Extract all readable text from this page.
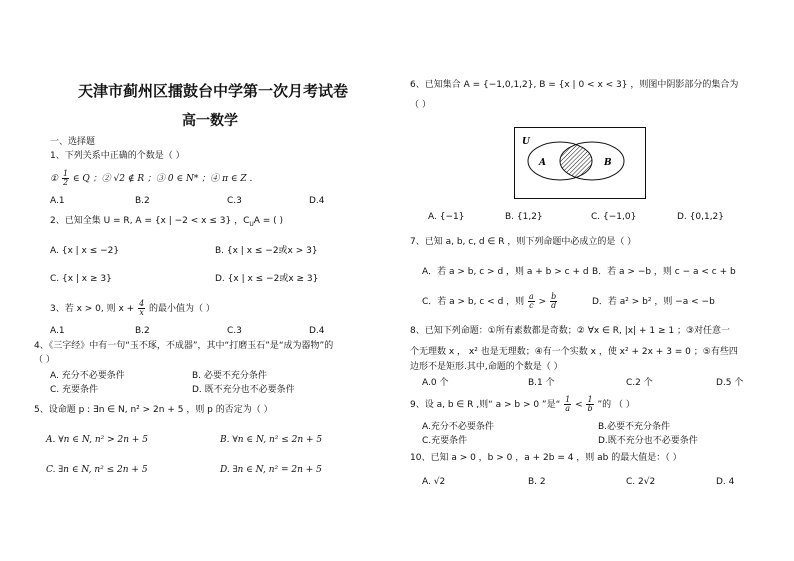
天津市蓟州区擂鼓台中学第一次月考试卷
高一数学
一、选择题
1、下列关系中正确的个数是（ ）
① $\frac{1}{2}$ ∈ Q ；② √2 ∉ R ；③ 0 ∈ N* ；④ π ∈ Z .
A.1	B.2	C.3	D.4
2、已知全集 U = R, A = {x | −2 < x ≤ 3} ，$C_UA$ = ( )
A. {x | x ≤ −2}	B. {x | x ≤ −2或x > 3}
C. {x | x ≥ 3}	D. {x | x ≤ −2或x ≥ 3}
3、若 x > 0, 则 $x + \frac{4}{x}$ 的最小值为（ ）
A.1	B.2	C.3	D.4
4、《三字经》中有一句“玉不琢，不成器”，其中“打磨玉石”是“成为器物”的
（ ）
A. 充分不必要条件	B. 必要不充分条件
C. 充要条件	D. 既不充分也不必要条件
5、设命题 p : ∃n ∈ N, n² > 2n + 5 ，则 p 的否定为（ ）
A. ∀n ∈ N, n² > 2n + 5	B. ∀n ∈ N, n² ≤ 2n + 5
C. ∃n ∈ N, n² ≤ 2n + 5	D. ∃n ∈ N, n² = 2n + 5
6、已知集合 A = {−1,0,1,2}, B = {x | 0 < x < 3} ，则图中阴影部分的集合为
（ ）
U
A	B
A. {−1}	B. {1,2}	C. {−1,0}	D. {0,1,2}
7、已知 a, b, c, d ∈ R ，则下列命题中必成立的是（ ）
A．若 a > b, c > d ，则 a + b > c + d B．若 a > −b ，则 c − a < c + b
C．若 a > b, c < d ，则 $\frac{a}{c} > \frac{b}{d}$	D．若 a² > b² ，则 −a < −b
8、已知下列命题：①所有素数都是奇数；② ∀x ∈ R, |x| + 1 ≥ 1 ；③对任意一
个无理数 x ， x² 也是无理数；④有一个实数 x ，使 x² + 2x + 3 = 0 ；⑤有些四
边形不是矩形.其中,命题的个数是（ ）
A.0 个	B.1 个	C.2 个	D.5 个
9、设 a, b ∈ R ,则“ a > b > 0 ”是“ $\frac{1}{a} < \frac{1}{b}$ ”的 （ ）
A.充分不必要条件	B.必要不充分条件
C.充要条件	D.既不充分也不必要条件
10、已知 a > 0 ，b > 0 ，a + 2b = 4 ，则 ab 的最大值是：（ ）
A. √2	B. 2	C. 2√2	D. 4
